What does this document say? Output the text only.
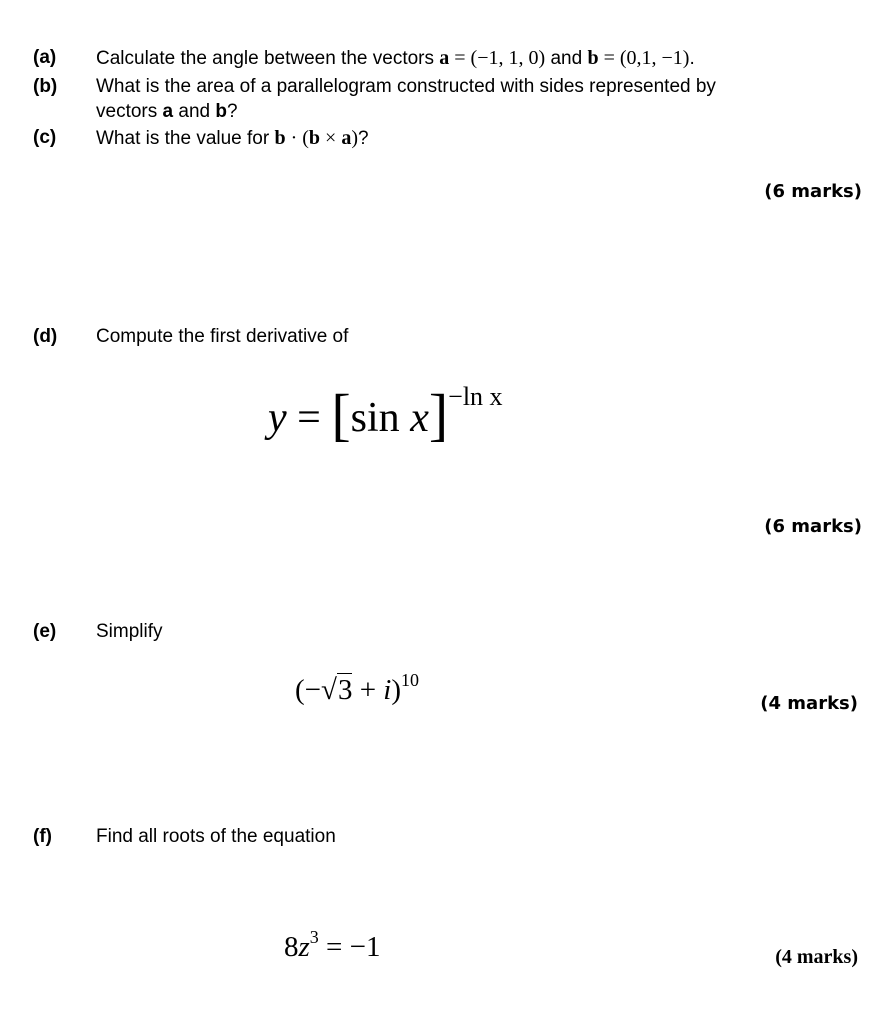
(a) Calculate the angle between the vectors a = (−1, 1, 0) and b = (0,1, −1).
(b) What is the area of a parallelogram constructed with sides represented by
vectors a and b?
(c) What is the value for b · (b × a)?
(6 marks)
(d) Compute the first derivative of
y = [sin x]−ln x
(6 marks)
(e) Simplify
$(-√3 + i)^{10}$
(4 marks)
(f) Find all roots of the equation
$8z^3 = -1$	(4 marks)
